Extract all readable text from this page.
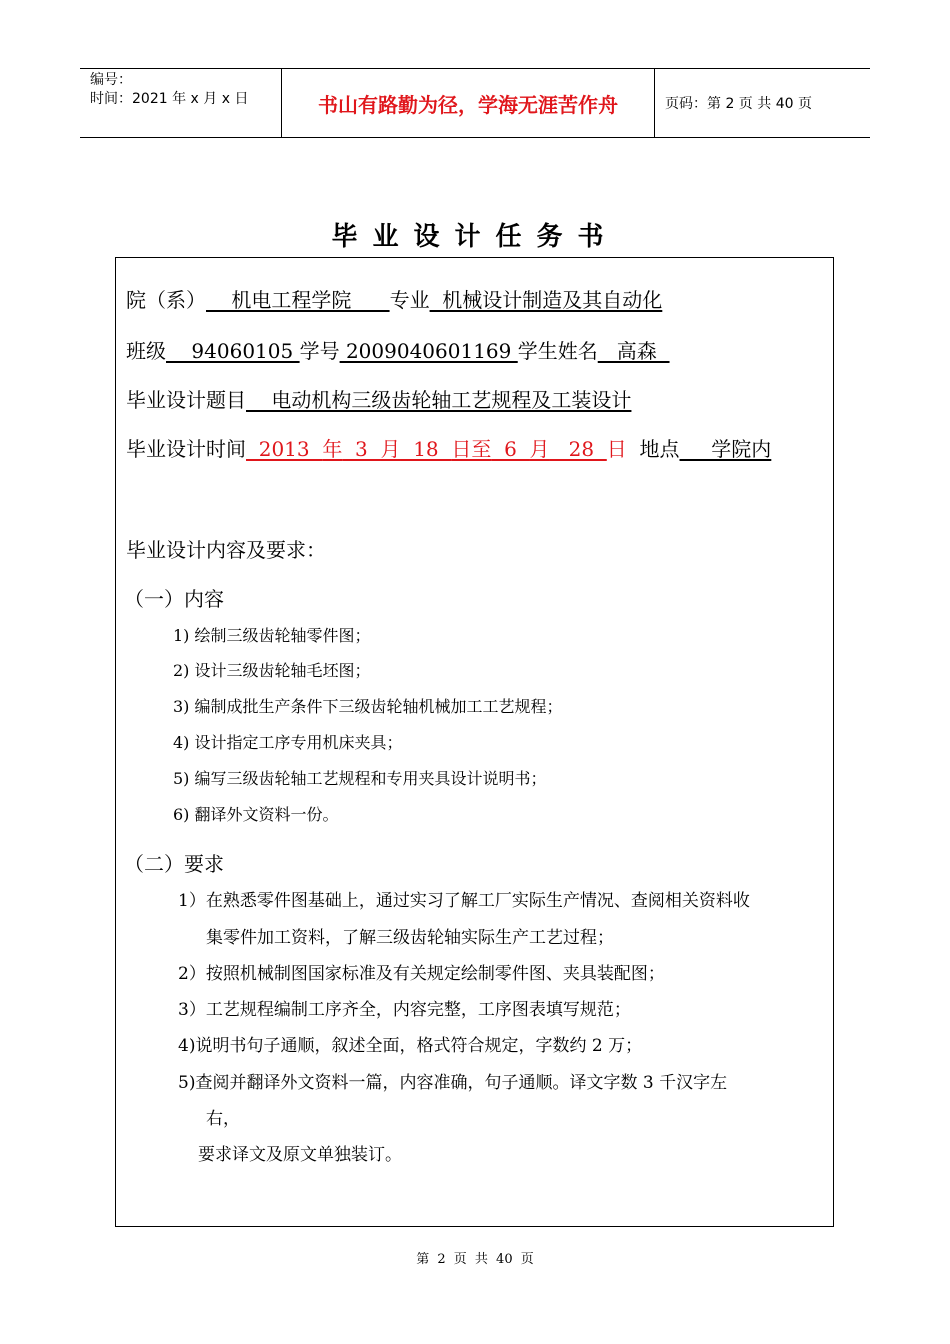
编号：
时间：2021 年 x 月 x 日	书山有路勤为径，学海无涯苦作舟	页码：第 2 页 共 40 页
毕业设计任务书
院（系）    机电工程学院      专业  机械设计制造及其自动化
班级    94060105 学号 2009040601169 学生姓名   高森
毕业设计题目    电动机构三级齿轮轴工艺规程及工装设计
毕业设计时间  2013  年  3  月  18  日至  6  月   28  日 地点     学院内
毕业设计内容及要求：
（一）内容
1) 绘制三级齿轮轴零件图；
2) 设计三级齿轮轴毛坯图；
3) 编制成批生产条件下三级齿轮轴机械加工工艺规程；
4) 设计指定工序专用机床夹具；
5) 编写三级齿轮轴工艺规程和专用夹具设计说明书；
6) 翻译外文资料一份。
（二）要求
1）在熟悉零件图基础上，通过实习了解工厂实际生产情况、查阅相关资料收
集零件加工资料，了解三级齿轮轴实际生产工艺过程；
2）按照机械制图国家标准及有关规定绘制零件图、夹具装配图；
3）工艺规程编制工序齐全，内容完整，工序图表填写规范；
4)说明书句子通顺，叙述全面，格式符合规定，字数约 2 万；
5)查阅并翻译外文资料一篇，内容准确，句子通顺。译文字数 3 千汉字左
右，
要求译文及原文单独装订。
第 2 页 共 40 页
